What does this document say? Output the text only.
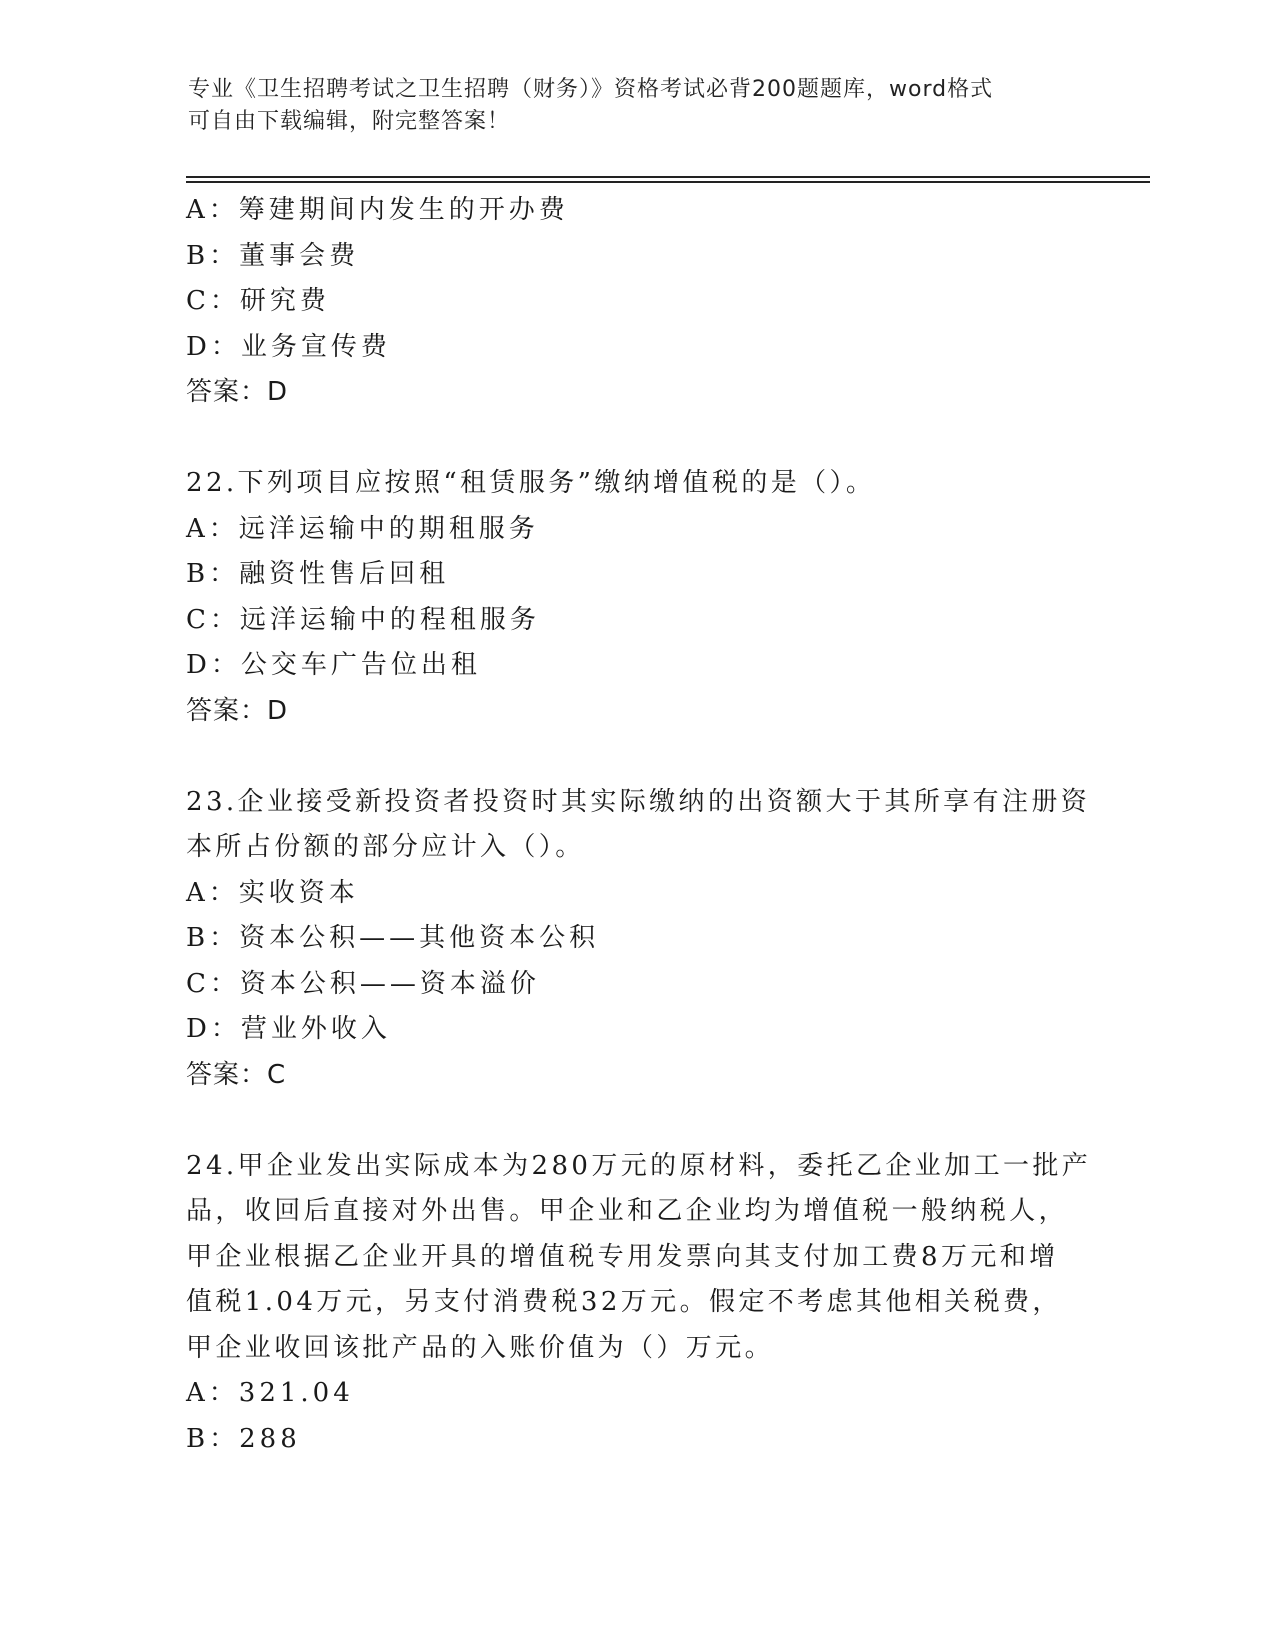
专业《卫生招聘考试之卫生招聘（财务）》资格考试必背200题题库，word格式
可自由下载编辑，附完整答案！
A：筹建期间内发生的开办费
B：董事会费
C：研究费
D：业务宣传费
答案：D
22.下列项目应按照“租赁服务”缴纳增值税的是（）。
A：远洋运输中的期租服务
B：融资性售后回租
C：远洋运输中的程租服务
D：公交车广告位出租
答案：D
23.企业接受新投资者投资时其实际缴纳的出资额大于其所享有注册资
本所占份额的部分应计入（）。
A：实收资本
B：资本公积——其他资本公积
C：资本公积——资本溢价
D：营业外收入
答案：C
24.甲企业发出实际成本为280万元的原材料，委托乙企业加工一批产
品，收回后直接对外出售。甲企业和乙企业均为增值税一般纳税人，
甲企业根据乙企业开具的增值税专用发票向其支付加工费8万元和增
值税1.04万元，另支付消费税32万元。假定不考虑其他相关税费，
甲企业收回该批产品的入账价值为（）万元。
A：321.04
B：288
